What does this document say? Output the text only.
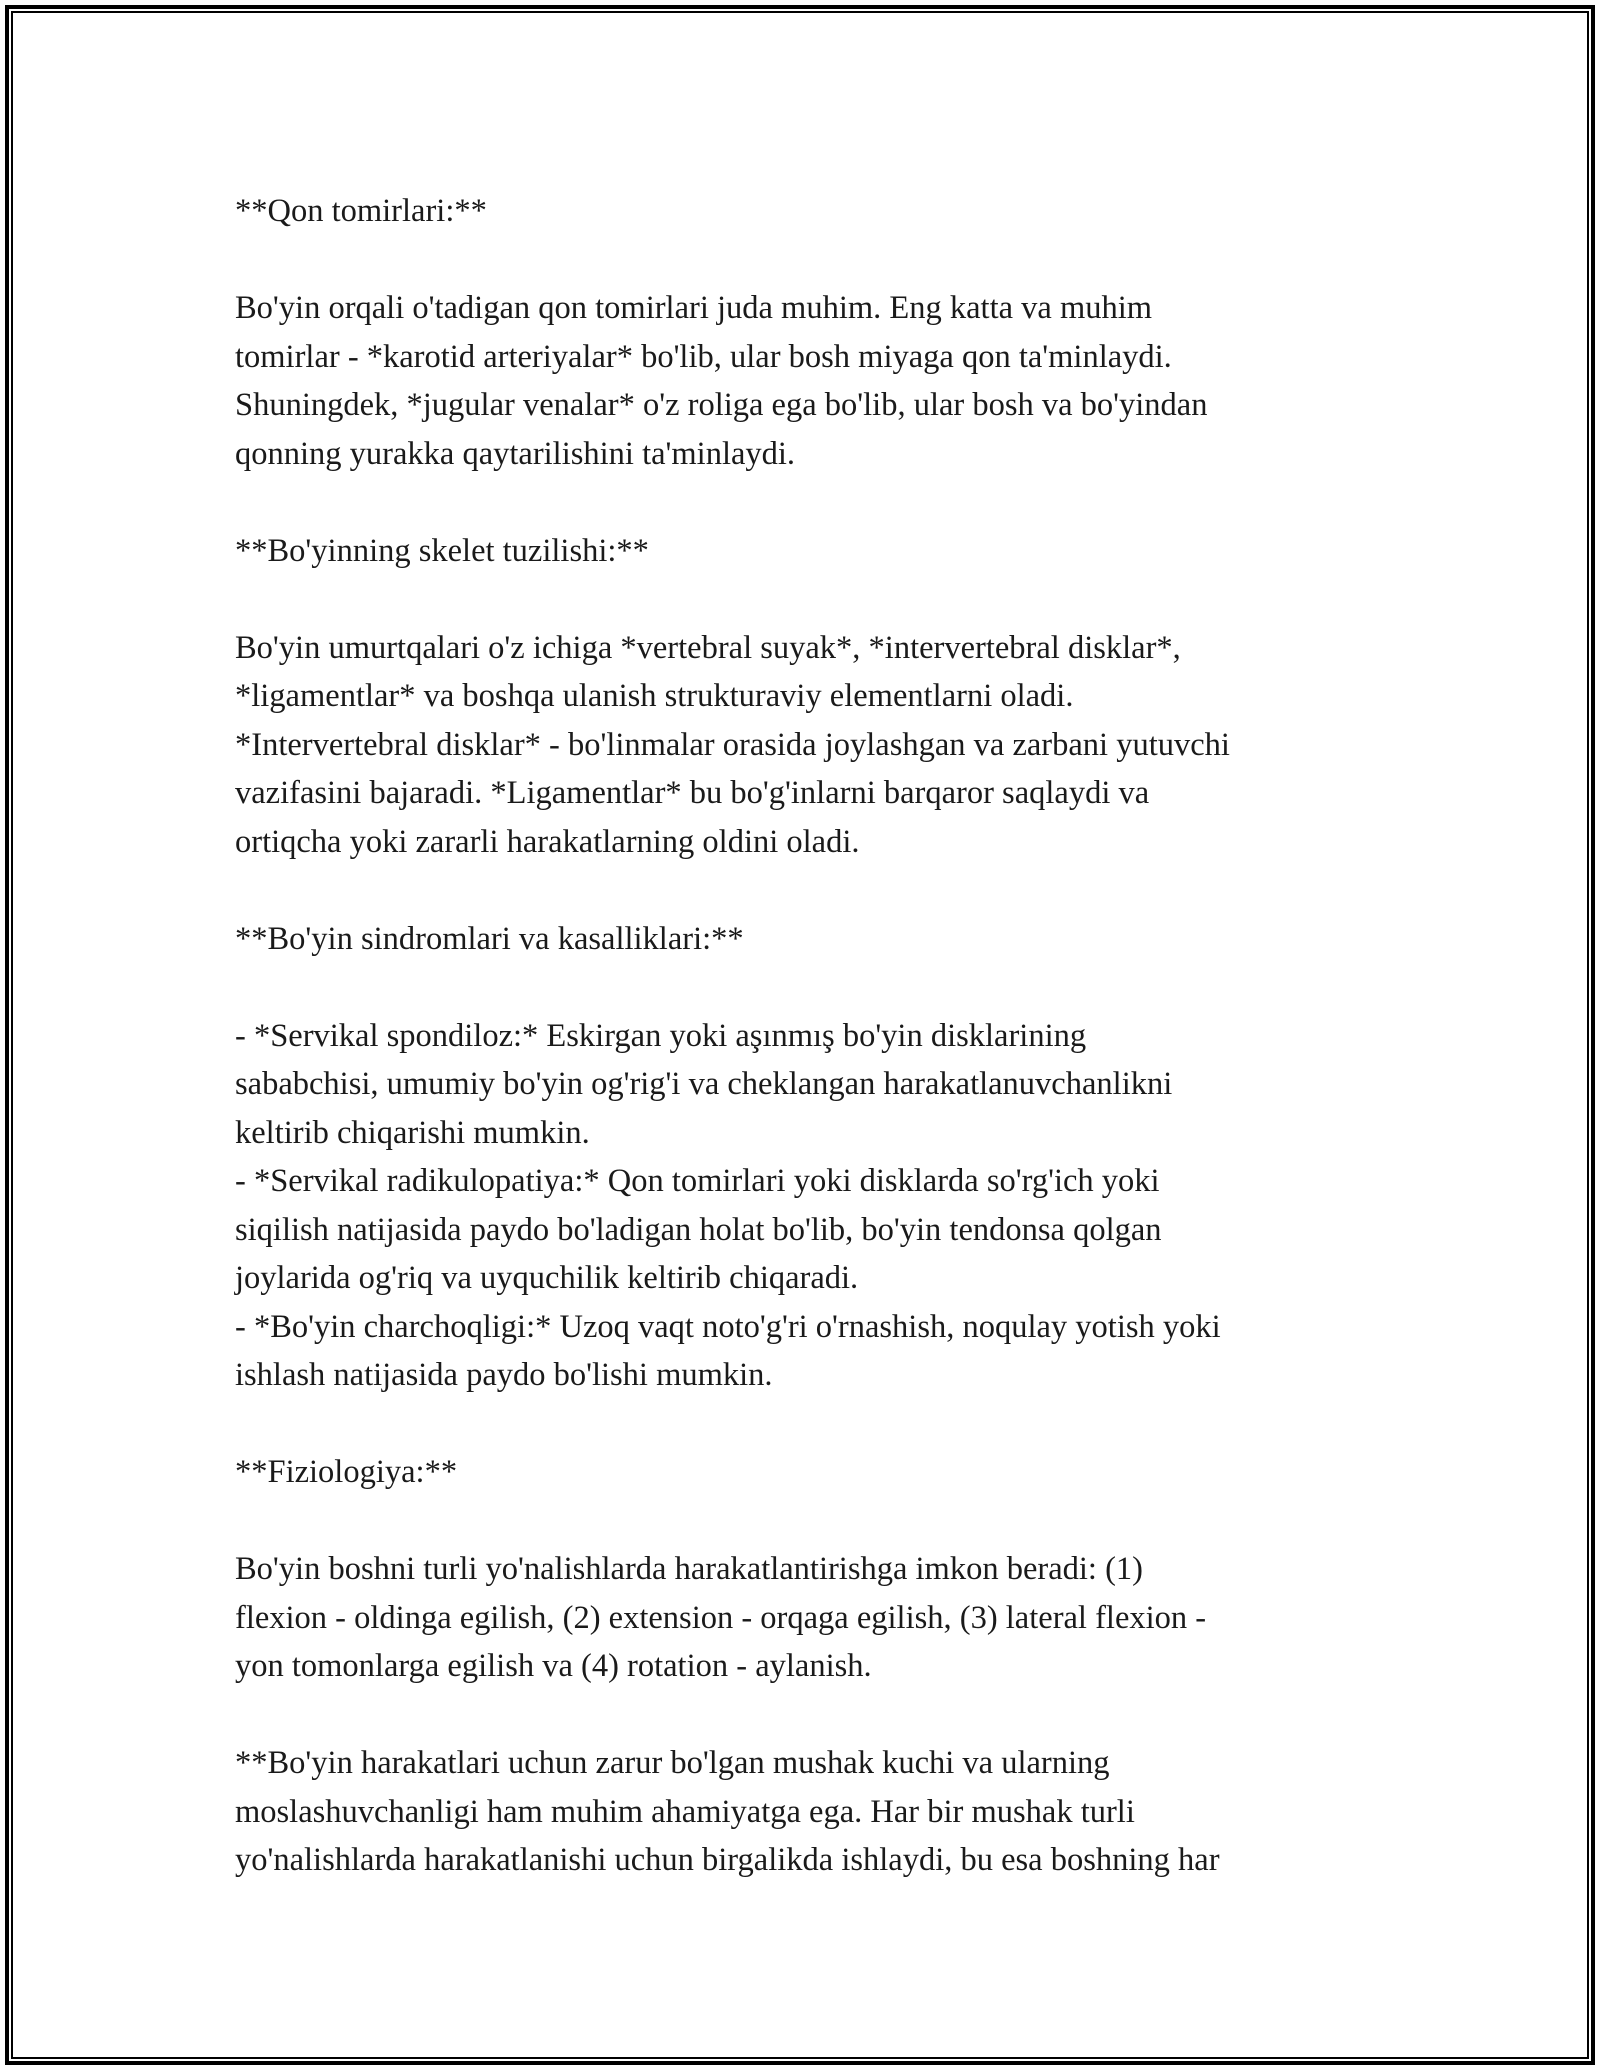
**Qon tomirlari:**
Bo'yin orqali o'tadigan qon tomirlari juda muhim. Eng katta va muhim
tomirlar - *karotid arteriyalar* bo'lib, ular bosh miyaga qon ta'minlaydi.
Shuningdek, *jugular venalar* o'z roliga ega bo'lib, ular bosh va bo'yindan
qonning yurakka qaytarilishini ta'minlaydi.
**Bo'yinning skelet tuzilishi:**
Bo'yin umurtqalari o'z ichiga *vertebral suyak*, *intervertebral disklar*,
*ligamentlar* va boshqa ulanish strukturaviy elementlarni oladi.
*Intervertebral disklar* - bo'linmalar orasida joylashgan va zarbani yutuvchi
vazifasini bajaradi. *Ligamentlar* bu bo'g'inlarni barqaror saqlaydi va
ortiqcha yoki zararli harakatlarning oldini oladi.
**Bo'yin sindromlari va kasalliklari:**
- *Servikal spondiloz:* Eskirgan yoki aşınmış bo'yin disklarining
sababchisi, umumiy bo'yin og'rig'i va cheklangan harakatlanuvchanlikni
keltirib chiqarishi mumkin.
- *Servikal radikulopatiya:* Qon tomirlari yoki disklarda so'rg'ich yoki
siqilish natijasida paydo bo'ladigan holat bo'lib, bo'yin tendonsa qolgan
joylarida og'riq va uyquchilik keltirib chiqaradi.
- *Bo'yin charchoqligi:* Uzoq vaqt noto'g'ri o'rnashish, noqulay yotish yoki
ishlash natijasida paydo bo'lishi mumkin.
**Fiziologiya:**
Bo'yin boshni turli yo'nalishlarda harakatlantirishga imkon beradi: (1)
flexion - oldinga egilish, (2) extension - orqaga egilish, (3) lateral flexion -
yon tomonlarga egilish va (4) rotation - aylanish.
**Bo'yin harakatlari uchun zarur bo'lgan mushak kuchi va ularning
moslashuvchanligi ham muhim ahamiyatga ega. Har bir mushak turli
yo'nalishlarda harakatlanishi uchun birgalikda ishlaydi, bu esa boshning har
